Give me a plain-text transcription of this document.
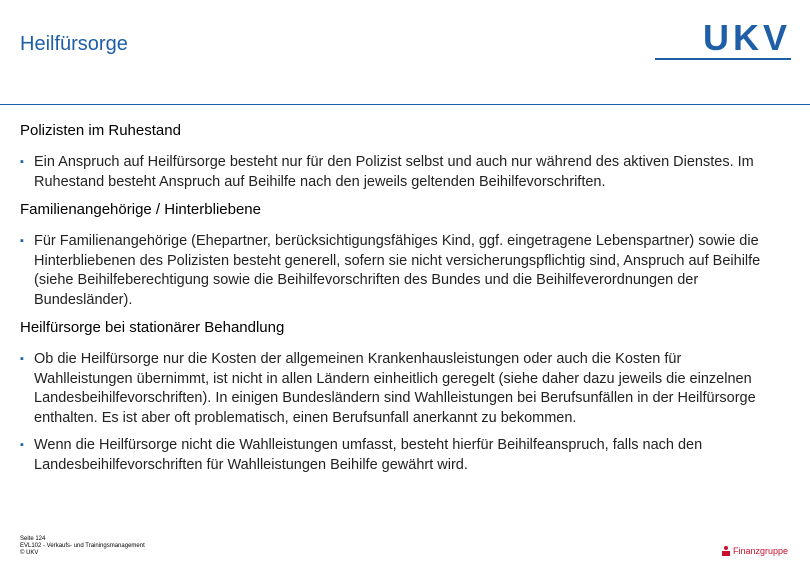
Heilfürsorge	UKV
Polizisten im Ruhestand
▪ Ein Anspruch auf Heilfürsorge besteht nur für den Polizist selbst und auch nur während des aktiven Dienstes. Im Ruhestand besteht Anspruch auf Beihilfe nach den jeweils geltenden Beihilfevorschriften.
Familienangehörige / Hinterbliebene
▪ Für Familienangehörige (Ehepartner, berücksichtigungsfähiges Kind, ggf. eingetragene Lebenspartner) sowie die Hinterbliebenen des Polizisten besteht generell, sofern sie nicht versicherungspflichtig sind, Anspruch auf Beihilfe (siehe Beihilfeberechtigung sowie die Beihilfevorschriften des Bundes und die Beihilfeverordnungen der Bundesländer).
Heilfürsorge bei stationärer Behandlung
▪ Ob die Heilfürsorge nur die Kosten der allgemeinen Krankenhausleistungen oder auch die Kosten für Wahlleistungen übernimmt, ist nicht in allen Ländern einheitlich geregelt (siehe daher dazu jeweils die einzelnen Landesbeihilfevorschriften). In einigen Bundesländern sind Wahlleistungen bei Berufsunfällen in der Heilfürsorge enthalten. Es ist aber oft problematisch, einen Berufsunfall anerkannt zu bekommen.
▪ Wenn die Heilfürsorge nicht die Wahlleistungen umfasst, besteht hierfür Beihilfeanspruch, falls nach den Landesbeihilfevorschriften für Wahlleistungen Beihilfe gewährt wird.
Seite 124
EVL102 - Verkaufs- und Trainingsmanagement
© UKV	Finanzgruppe
